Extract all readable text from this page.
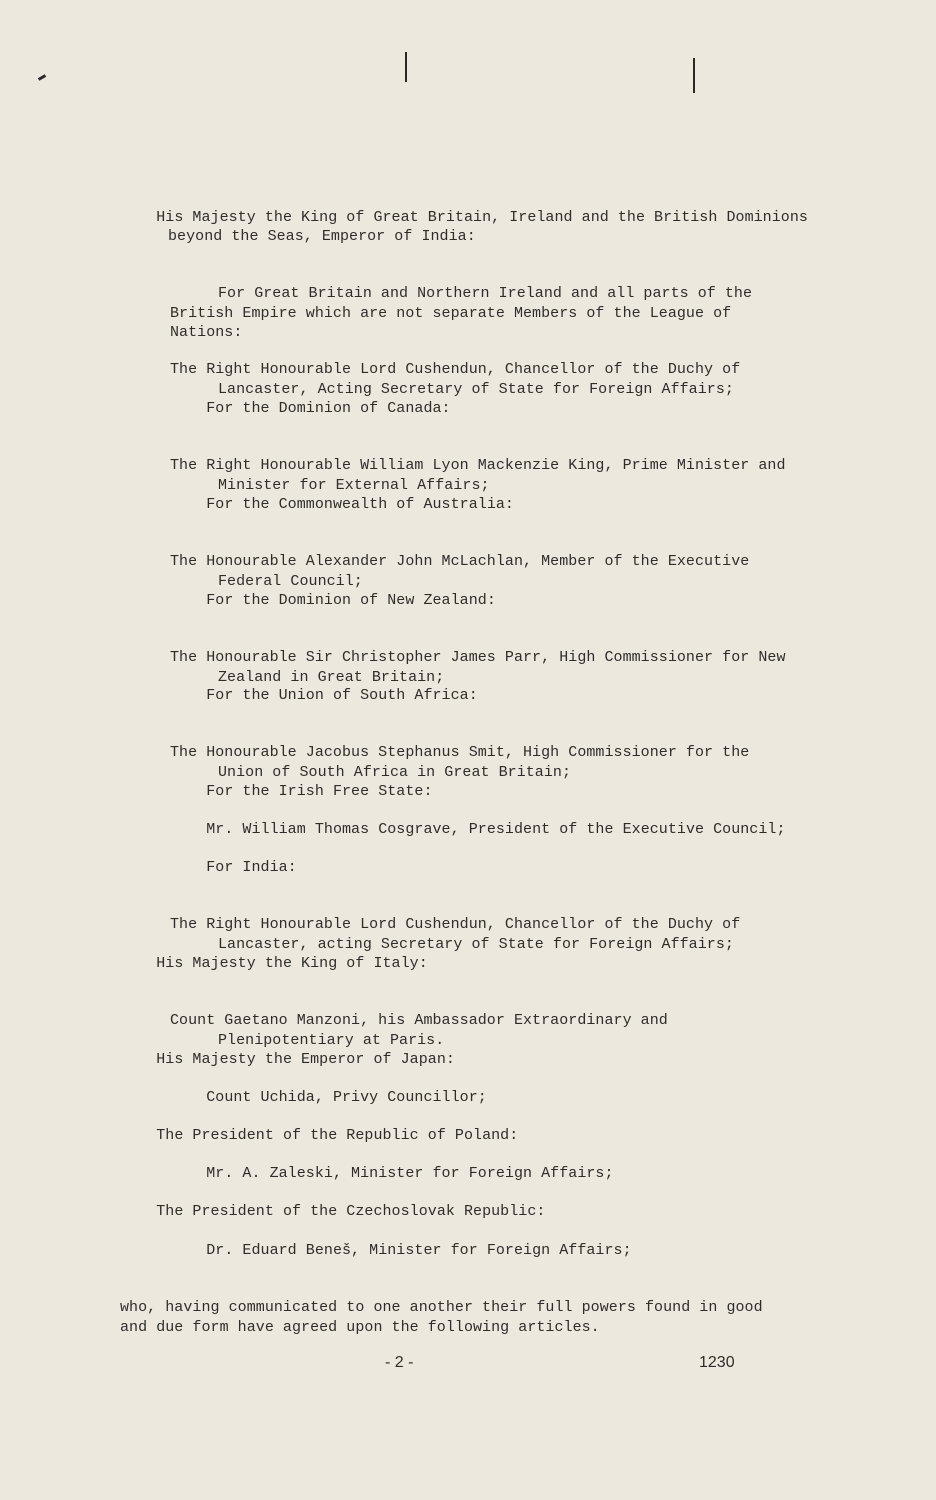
His Majesty the King of Great Britain, Ireland and the British Dominions
beyond the Seas, Emperor of India:

For Great Britain and Northern Ireland and all parts of the
British Empire which are not separate Members of the League of
Nations:

The Right Honourable Lord Cushendun, Chancellor of the Duchy of
Lancaster, Acting Secretary of State for Foreign Affairs;

For the Dominion of Canada:

The Right Honourable William Lyon Mackenzie King, Prime Minister and
Minister for External Affairs;

For the Commonwealth of Australia:

The Honourable Alexander John McLachlan, Member of the Executive
Federal Council;

For the Dominion of New Zealand:

The Honourable Sir Christopher James Parr, High Commissioner for New
Zealand in Great Britain;

For the Union of South Africa:

The Honourable Jacobus Stephanus Smit, High Commissioner for the
Union of South Africa in Great Britain;

For the Irish Free State:

Mr. William Thomas Cosgrave, President of the Executive Council;

For India:

The Right Honourable Lord Cushendun, Chancellor of the Duchy of
Lancaster, acting Secretary of State for Foreign Affairs;

His Majesty the King of Italy:

Count Gaetano Manzoni, his Ambassador Extraordinary and
Plenipotentiary at Paris.

His Majesty the Emperor of Japan:

Count Uchida, Privy Councillor;

The President of the Republic of Poland:

Mr. A. Zaleski, Minister for Foreign Affairs;

The President of the Czechoslovak Republic:

Dr. Eduard Beneš, Minister for Foreign Affairs;

who, having communicated to one another their full powers found in good
and due form have agreed upon the following articles.

- 2 -	1230
